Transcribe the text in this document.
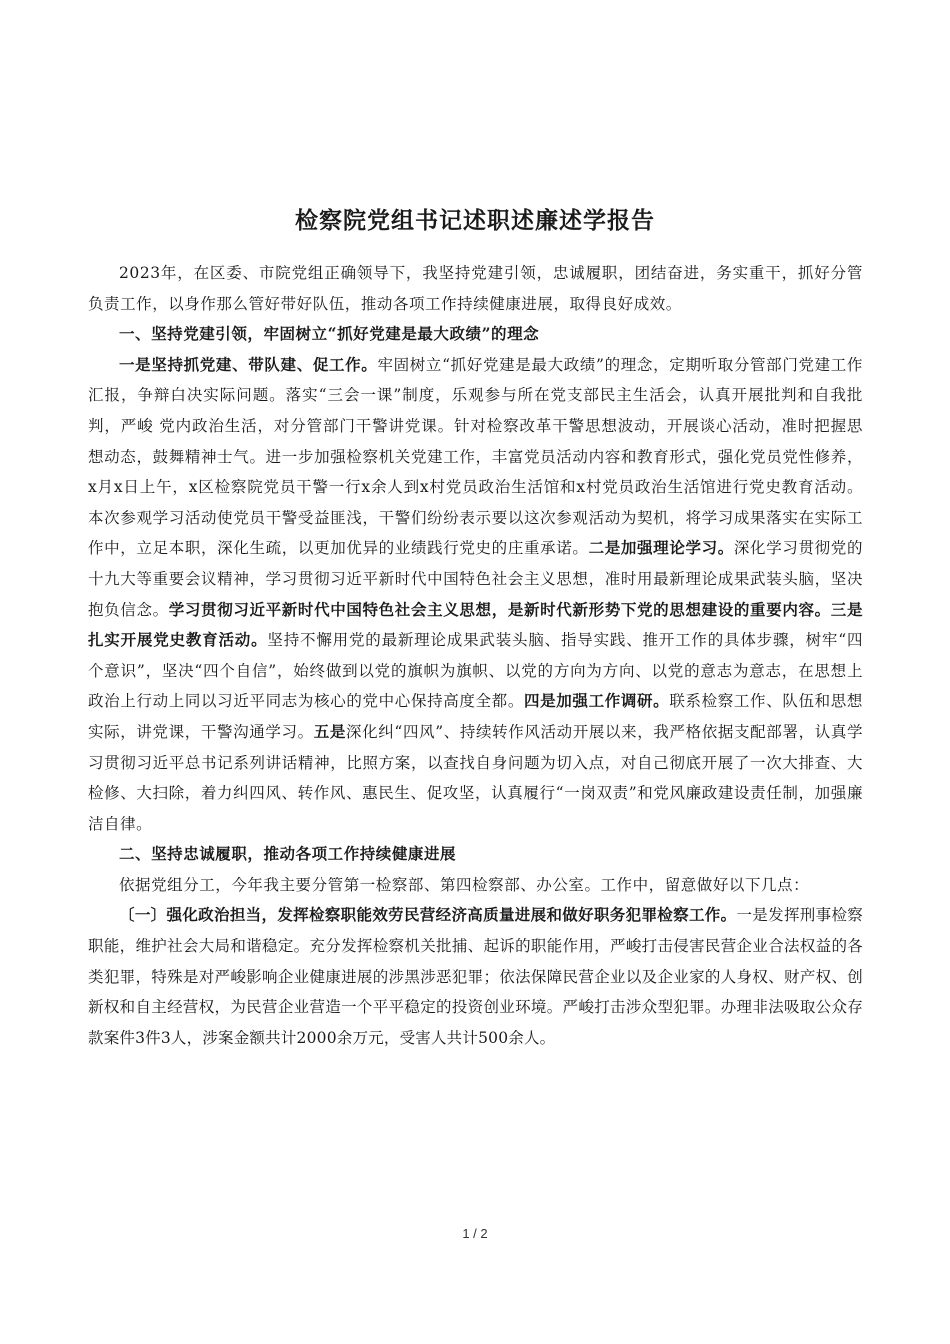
检察院党组书记述职述廉述学报告

2023年，在区委、市院党组正确领导下，我坚持党建引领，忠诚履职，团结奋进，务实重干，抓好分管负责工作，以身作那么管好带好队伍，推动各项工作持续健康进展，取得良好成效。

一、坚持党建引领，牢固树立“抓好党建是最大政绩”的理念

一是坚持抓党建、带队建、促工作。牢固树立“抓好党建是最大政绩”的理念，定期听取分管部门党建工作汇报，争辩白决实际问题。落实“三会一课”制度，乐观参与所在党支部民主生活会，认真开展批判和自我批判，严峻 党内政治生活，对分管部门干警讲党课。针对检察改革干警思想波动，开展谈心活动，准时把握思想动态，鼓舞精神士气。进一步加强检察机关党建工作，丰富党员活动内容和教育形式，强化党员党性修养，x月x日上午，x区检察院党员干警一行x余人到x村党员政治生活馆和x村党员政治生活馆进行党史教育活动。本次参观学习活动使党员干警受益匪浅，干警们纷纷表示要以这次参观活动为契机，将学习成果落实在实际工作中，立足本职，深化生疏，以更加优异的业绩践行党史的庄重承诺。二是加强理论学习。深化学习贯彻党的十九大等重要会议精神，学习贯彻习近平新时代中国特色社会主义思想，准时用最新理论成果武装头脑，坚决抱负信念。学习贯彻习近平新时代中国特色社会主义思想，是新时代新形势下党的思想建设的重要内容。三是扎实开展党史教育活动。坚持不懈用党的最新理论成果武装头脑、指导实践、推开工作的具体步骤，树牢“四个意识”，坚决“四个自信”，始终做到以党的旗帜为旗帜、以党的方向为方向、以党的意志为意志，在思想上政治上行动上同以习近平同志为核心的党中心保持高度全都。四是加强工作调研。联系检察工作、队伍和思想实际，讲党课，干警沟通学习。五是深化纠“四风”、持续转作风活动开展以来，我严格依据支配部署，认真学习贯彻习近平总书记系列讲话精神，比照方案，以查找自身问题为切入点，对自己彻底开展了一次大排查、大检修、大扫除，着力纠四风、转作风、惠民生、促攻坚，认真履行“一岗双责”和党风廉政建设责任制，加强廉洁自律。

二、坚持忠诚履职，推动各项工作持续健康进展

依据党组分工，今年我主要分管第一检察部、第四检察部、办公室。工作中，留意做好以下几点：

〔一〕强化政治担当，发挥检察职能效劳民营经济高质量进展和做好职务犯罪检察工作。一是发挥刑事检察职能，维护社会大局和谐稳定。充分发挥检察机关批捕、起诉的职能作用，严峻打击侵害民营企业合法权益的各类犯罪，特殊是对严峻影响企业健康进展的涉黑涉恶犯罪；依法保障民营企业以及企业家的人身权、财产权、创新权和自主经营权，为民营企业营造一个平平稳定的投资创业环境。严峻打击涉众型犯罪。办理非法吸取公众存款案件3件3人，涉案金额共计2000余万元，受害人共计500余人。

1 / 2
